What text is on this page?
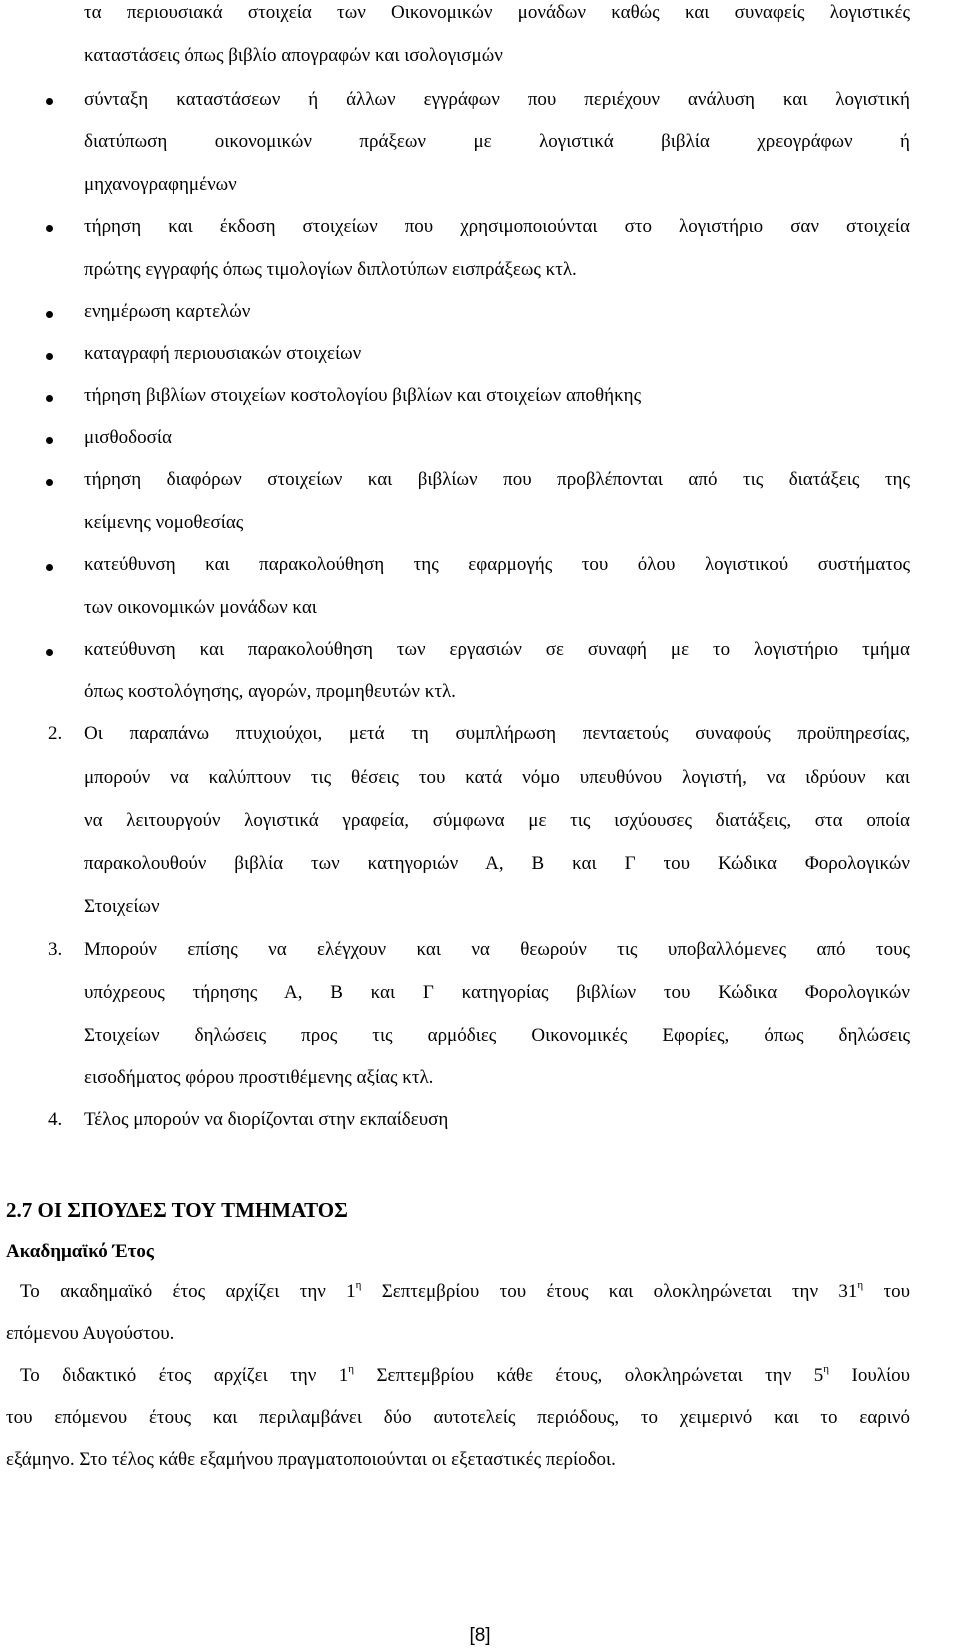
τα περιουσιακά στοιχεία των Οικονομικών μονάδων καθώς και συναφείς λογιστικές
καταστάσεις όπως βιβλίο απογραφών και ισολογισμών
σύνταξη καταστάσεων ή άλλων εγγράφων που περιέχουν ανάλυση και λογιστική
διατύπωση οικονομικών πράξεων με λογιστικά βιβλία χρεογράφων ή
μηχανογραφημένων
τήρηση και έκδοση στοιχείων που χρησιμοποιούνται στο λογιστήριο σαν στοιχεία
πρώτης εγγραφής όπως τιμολογίων διπλοτύπων εισπράξεως κτλ.
ενημέρωση καρτελών
καταγραφή περιουσιακών στοιχείων
τήρηση βιβλίων στοιχείων κοστολογίου βιβλίων και στοιχείων αποθήκης
μισθοδοσία
τήρηση διαφόρων στοιχείων και βιβλίων που προβλέπονται από τις διατάξεις της
κείμενης νομοθεσίας
κατεύθυνση και παρακολούθηση της εφαρμογής του όλου λογιστικού συστήματος
των οικονομικών μονάδων και
κατεύθυνση και παρακολούθηση των εργασιών σε συναφή με το λογιστήριο τμήμα
όπως κοστολόγησης, αγορών, προμηθευτών κτλ.
2. Οι παραπάνω πτυχιούχοι, μετά τη συμπλήρωση πενταετούς συναφούς προϋπηρεσίας,
μπορούν να καλύπτουν τις θέσεις του κατά νόμο υπευθύνου λογιστή, να ιδρύουν και
να λειτουργούν λογιστικά γραφεία, σύμφωνα με τις ισχύουσες διατάξεις, στα οποία
παρακολουθούν βιβλία των κατηγοριών Α, Β και Γ του Κώδικα Φορολογικών
Στοιχείων
3. Μπορούν επίσης να ελέγχουν και να θεωρούν τις υποβαλλόμενες από τους
υπόχρεους τήρησης Α, Β και Γ κατηγορίας βιβλίων του Κώδικα Φορολογικών
Στοιχείων δηλώσεις προς τις αρμόδιες Οικονομικές Εφορίες, όπως δηλώσεις
εισοδήματος φόρου προστιθέμενης αξίας κτλ.
4. Τέλος μπορούν να διορίζονται στην εκπαίδευση
2.7 ΟΙ ΣΠΟΥΔΕΣ ΤΟΥ ΤΜΗΜΑΤΟΣ
Ακαδημαϊκό Έτος
Το ακαδημαϊκό έτος αρχίζει την $1^\eta$ Σεπτεμβρίου του έτους και ολοκληρώνεται την $31^\eta$ του
επόμενου Αυγούστου.
Το διδακτικό έτος αρχίζει την $1^\eta$ Σεπτεμβρίου κάθε έτους, ολοκληρώνεται την $5^\eta$ Ιουλίου
του επόμενου έτους και περιλαμβάνει δύο αυτοτελείς περιόδους, το χειμερινό και το εαρινό
εξάμηνο. Στο τέλος κάθε εξαμήνου πραγματοποιούνται οι εξεταστικές περίοδοι.
[8]
